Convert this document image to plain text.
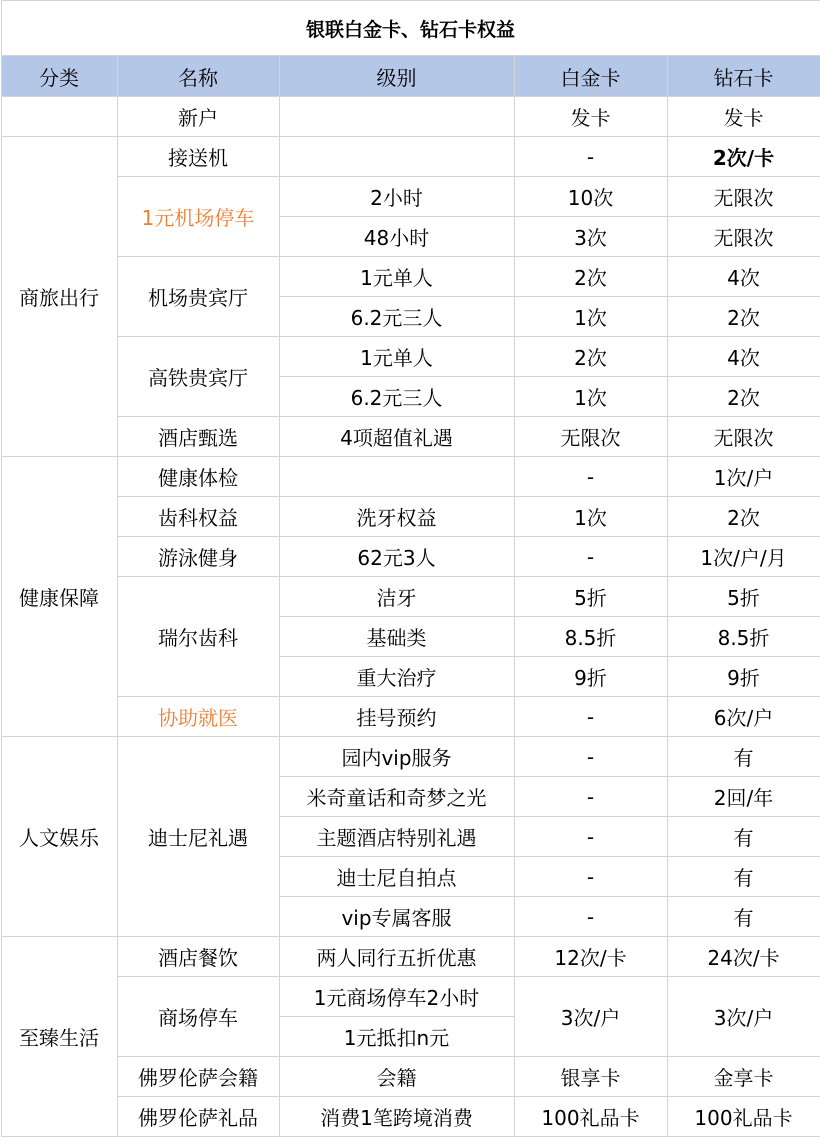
银联白金卡、钻石卡权益				
分类	名称	级别	白金卡	钻石卡
	新户		发卡	发卡
商旅出行	接送机		-	2次/卡
	1元机场停车	2小时	10次	无限次
		48小时	3次	无限次
	机场贵宾厅	1元单人	2次	4次
		6.2元三人	1次	2次
	高铁贵宾厅	1元单人	2次	4次
		6.2元三人	1次	2次
	酒店甄选	4项超值礼遇	无限次	无限次
健康保障	健康体检		-	1次/户
	齿科权益	洗牙权益	1次	2次
	游泳健身	62元3人	-	1次/户/月
	瑞尔齿科	洁牙	5折	5折
		基础类	8.5折	8.5折
		重大治疗	9折	9折
	协助就医	挂号预约	-	6次/户
人文娱乐	迪士尼礼遇	园内vip服务	-	有
		米奇童话和奇梦之光	-	2回/年
		主题酒店特别礼遇	-	有
		迪士尼自拍点	-	有
		vip专属客服	-	有
至臻生活	酒店餐饮	两人同行五折优惠	12次/卡	24次/卡
	商场停车	1元商场停车2小时	3次/户	3次/户
		1元抵扣n元		
	佛罗伦萨会籍	会籍	银享卡	金享卡
	佛罗伦萨礼品	消费1笔跨境消费	100礼品卡	100礼品卡
